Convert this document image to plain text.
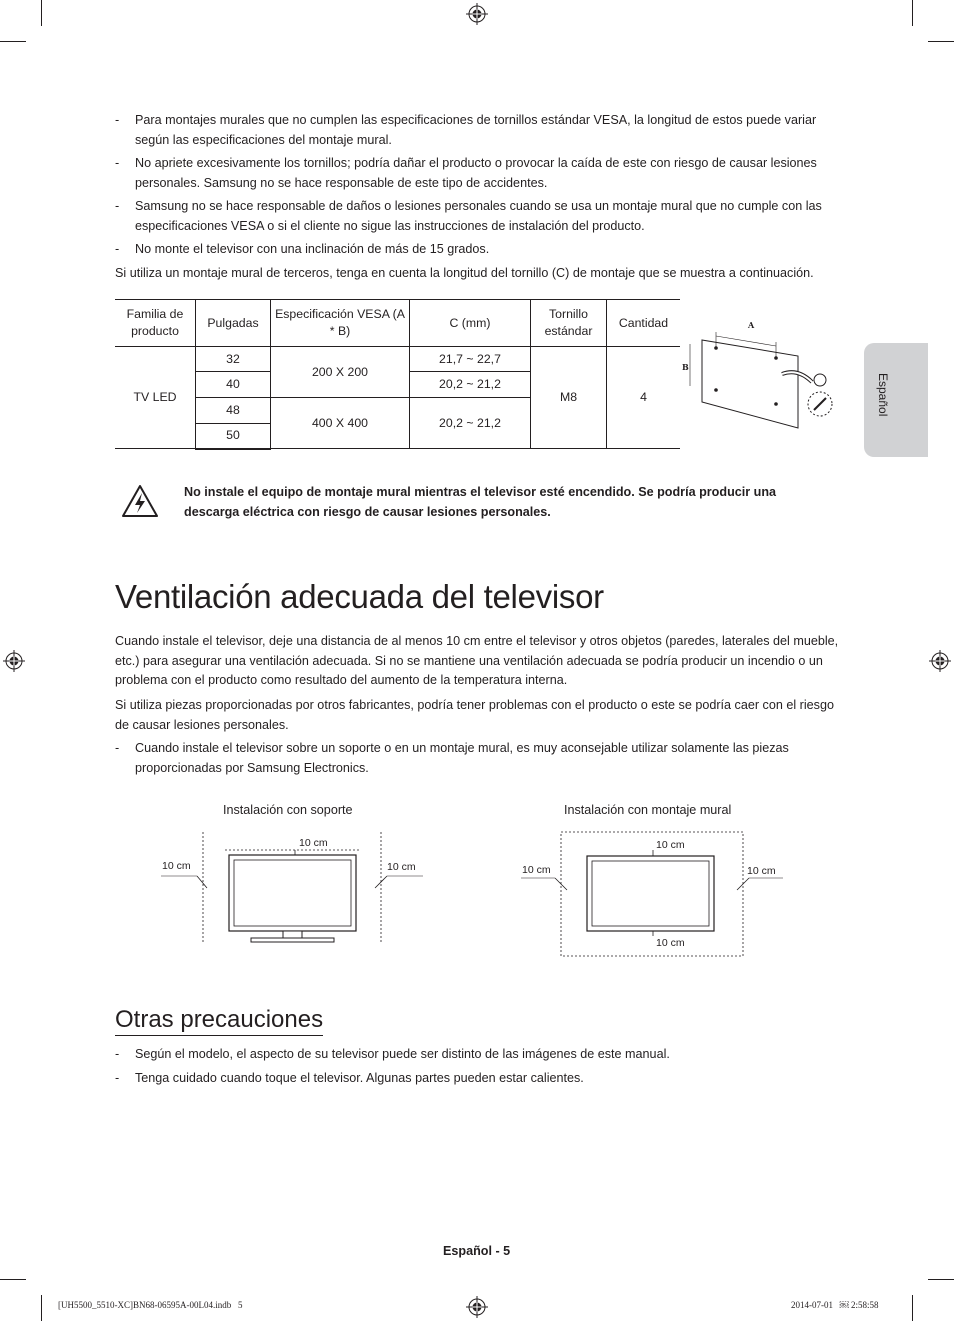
Español
- Para montajes murales que no cumplen las especificaciones de tornillos estándar VESA, la longitud de estos puede variar según las especificaciones del montaje mural.
- No apriete excesivamente los tornillos; podría dañar el producto o provocar la caída de este con riesgo de causar lesiones personales. Samsung no se hace responsable de este tipo de accidentes.
- Samsung no se hace responsable de daños o lesiones personales cuando se usa un montaje mural que no cumple con las especificaciones VESA o si el cliente no sigue las instrucciones de instalación del producto.
- No monte el televisor con una inclinación de más de 15 grados.
Si utiliza un montaje mural de terceros, tenga en cuenta la longitud del tornillo (C) de montaje que se muestra a continuación.
Familia de producto	Pulgadas	Especificación VESA (A * B)	C (mm)	Tornillo estándar	Cantidad
TV LED	32	200 X 200	21,7 ~ 22,7	M8	4
	40		20,2 ~ 21,2		
	48	400 X 400	20,2 ~ 21,2		
	50				
A
B
No instale el equipo de montaje mural mientras el televisor esté encendido. Se podría producir una descarga eléctrica con riesgo de causar lesiones personales.
Ventilación adecuada del televisor
Cuando instale el televisor, deje una distancia de al menos 10 cm entre el televisor y otros objetos (paredes, laterales del mueble, etc.) para asegurar una ventilación adecuada. Si no se mantiene una ventilación adecuada se podría producir un incendio o un problema con el producto como resultado del aumento de la temperatura interna.
Si utiliza piezas proporcionadas por otros fabricantes, podría tener problemas con el producto o este se podría caer con el riesgo de causar lesiones personales.
- Cuando instale el televisor sobre un soporte o en un montaje mural, es muy aconsejable utilizar solamente las piezas proporcionadas por Samsung Electronics.
Instalación con soporte
10 cm
10 cm	10 cm
Instalación con montaje mural
10 cm
10 cm	10 cm
10 cm
Otras precauciones
- Según el modelo, el aspecto de su televisor puede ser distinto de las imágenes de este manual.
- Tenga cuidado cuando toque el televisor. Algunas partes pueden estar calientes.
Español - 5
[UH5500_5510-XC]BN68-06595A-00L04.indb   5	2014-07-01   ￼ 2:58:58
